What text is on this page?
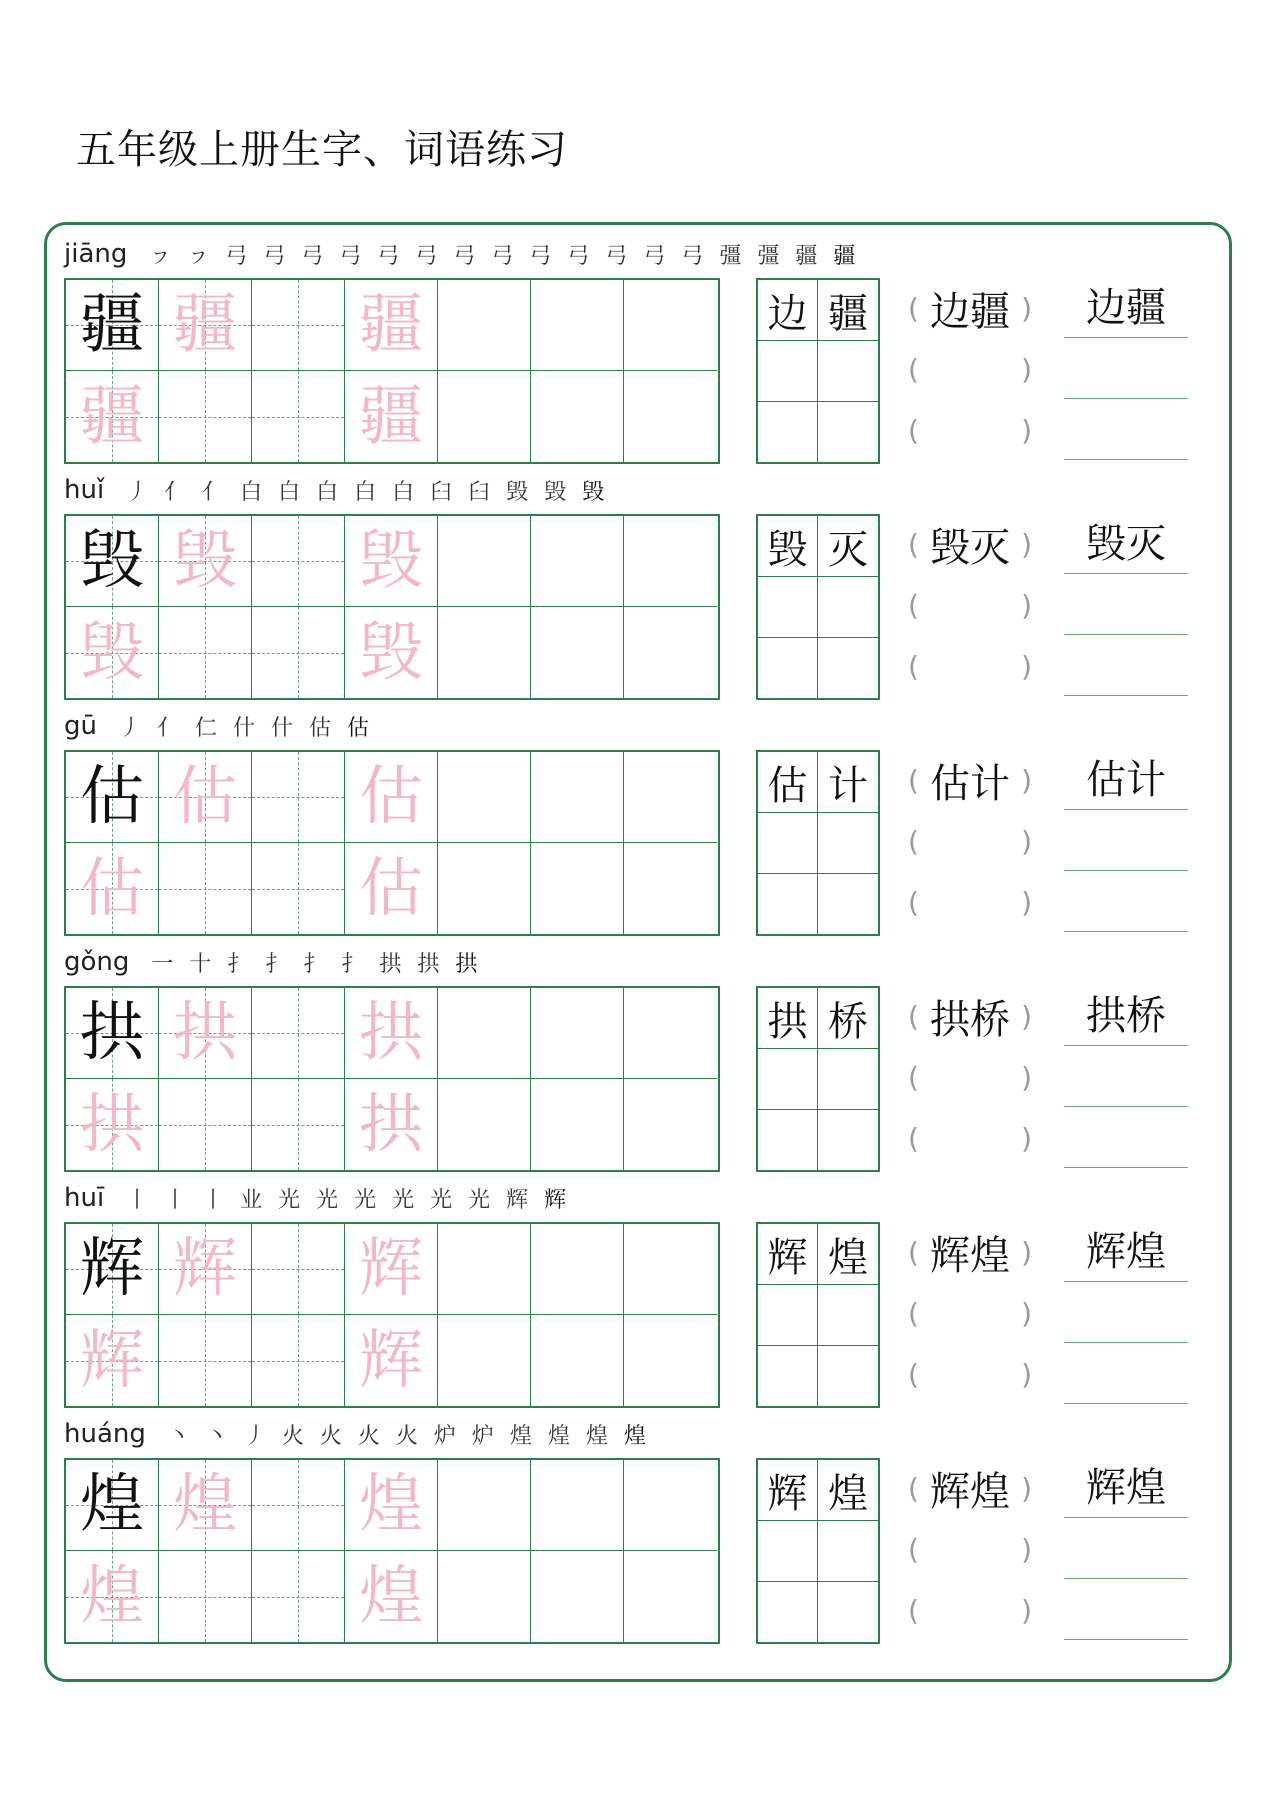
五年级上册生字、词语练习
jiāng ㇷ ㇷ 弓 弓 弓 弓 弓 弓 弓 弓 弓 弓 弓 弓 弓 彊 彊 疆 疆
疆 疆 疆
疆	疆
边 疆 ( 边疆 )
(	)
(	)
边疆
huǐ 丿 亻 亻 白 白 白 白 白 臼 臼 毁 毁 毁
毁 毁 毁
毁	毁
毁 灭 ( 毁灭 )
(	)
(	)
毁灭
gū 丿 亻 仁 什 什 估 估
估 估 估
估	估
估 计 ( 估计 )
(	)
(	)
估计
gǒng 一 十 扌 扌 扌 扌 拱 拱 拱
拱 拱 拱
拱	拱
拱 桥 ( 拱桥 )
(	)
(	)
拱桥
huī 丨 丨 丨 业 光 光 光 光 光 光 辉 辉
辉 辉 辉
辉	辉
辉 煌 ( 辉煌 )
(	)
(	)
辉煌
huáng 丶 丶 丿 火 火 火 火 炉 炉 煌 煌 煌 煌
煌 煌 煌
煌	煌
辉 煌 ( 辉煌 )
(	)
(	)
辉煌
